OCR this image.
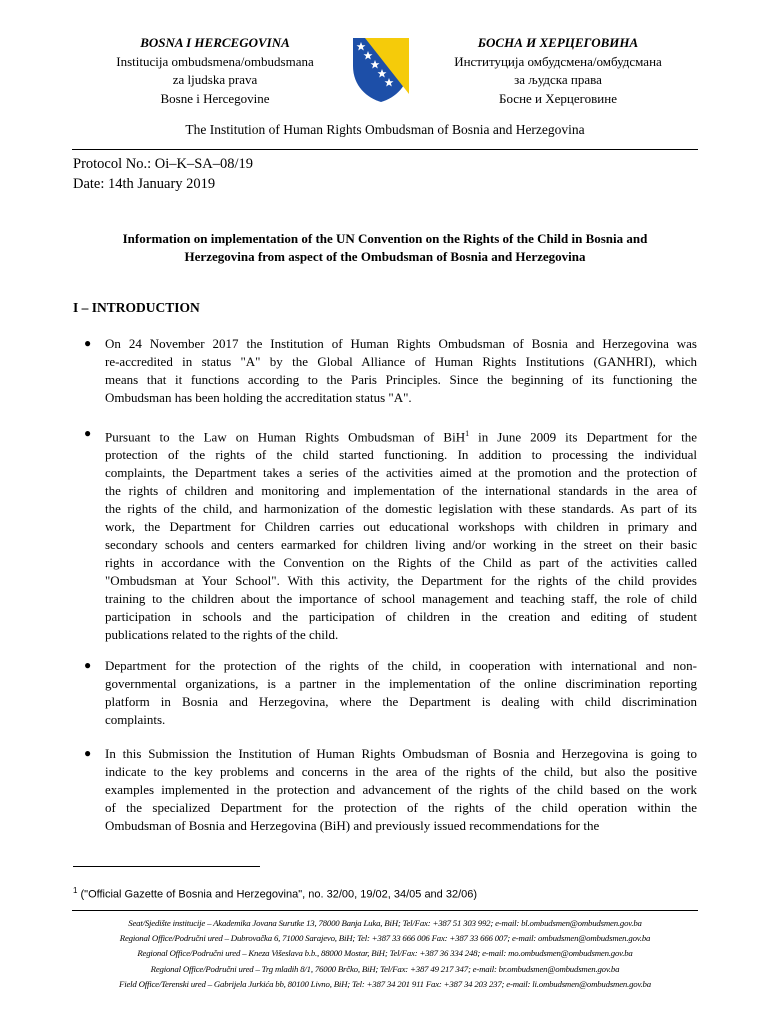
BOSNA I HERCEGOVINA
Institucija ombudsmena/ombudsmana
za ljudska prava
Bosne i Hercegovine
БОСНА И ХЕРЦЕГОВИНА
Институција омбудсмена/омбудсмана
за људска права
Босне и Херцеговине
The Institution of Human Rights Ombudsman of Bosnia and Herzegovina
Protocol No.: Oi–K–SA–08/19
Date: 14th January 2019
Information on implementation of the UN Convention on the Rights of the Child in Bosnia and
Herzegovina from aspect of the Ombudsman of Bosnia and Herzegovina
I – INTRODUCTION
● On 24 November 2017 the Institution of Human Rights Ombudsman of Bosnia and Herzegovina was
re-accredited in status "A" by the Global Alliance of Human Rights Institutions (GANHRI), which
means that it functions according to the Paris Principles. Since the beginning of its functioning the
Ombudsman has been holding the accreditation status "A".
● Pursuant to the Law on Human Rights Ombudsman of BiH$^1$ in June 2009 its Department for the
protection of the rights of the child started functioning. In addition to processing the individual
complaints, the Department takes a series of the activities aimed at the promotion and the protection of
the rights of children and monitoring and implementation of the international standards in the area of
the rights of the child, and harmonization of the domestic legislation with these standards. As part of its
work, the Department for Children carries out educational workshops with children in primary and
secondary schools and centers earmarked for children living and/or working in the street on their basic
rights in accordance with the Convention on the Rights of the Child as part of the activities called
"Ombudsman at Your School". With this activity, the Department for the rights of the child provides
training to the children about the importance of school management and teaching staff, the role of child
participation in schools and the participation of children in the creation and editing of student
publications related to the rights of the child.
● Department for the protection of the rights of the child, in cooperation with international and non-
governmental organizations, is a partner in the implementation of the online discrimination reporting
platform in Bosnia and Herzegovina, where the Department is dealing with child discrimination
complaints.
● In this Submission the Institution of Human Rights Ombudsman of Bosnia and Herzegovina is going to
indicate to the key problems and concerns in the area of the rights of the child, but also the positive
examples implemented in the protection and advancement of the rights of the child based on the work
of the specialized Department for the protection of the rights of the child operation within the
Ombudsman of Bosnia and Herzegovina (BiH) and previously issued recommendations for the
$^1$ ("Official Gazette of Bosnia and Herzegovina", no. 32/00, 19/02, 34/05 and 32/06)
Seat/Sjedište institucije – Akademika Jovana Surutke 13, 78000 Banja Luka, BiH; Tel/Fax: +387 51 303 992; e-mail: bl.ombudsmen@ombudsmen.gov.ba
Regional Office/Područni ured – Dubrovačka 6, 71000 Sarajevo, BiH; Tel: +387 33 666 006 Fax: +387 33 666 007; e-mail: ombudsmen@ombudsmen.gov.ba
Regional Office/Područni ured – Kneza Višeslava b.b., 88000 Mostar, BiH; Tel/Fax: +387 36 334 248; e-mail: mo.ombudsmen@ombudsmen.gov.ba
Regional Office/Područni ured – Trg mladih 8/1, 76000 Brčko, BiH; Tel/Fax: +387 49 217 347; e-mail: br.ombudsmen@ombudsmen.gov.ba
Field Office/Terenski ured – Gabrijela Jurkića bb, 80100 Livno, BiH; Tel: +387 34 201 911 Fax: +387 34 203 237; e-mail: li.ombudsmen@ombudsmen.gov.ba
